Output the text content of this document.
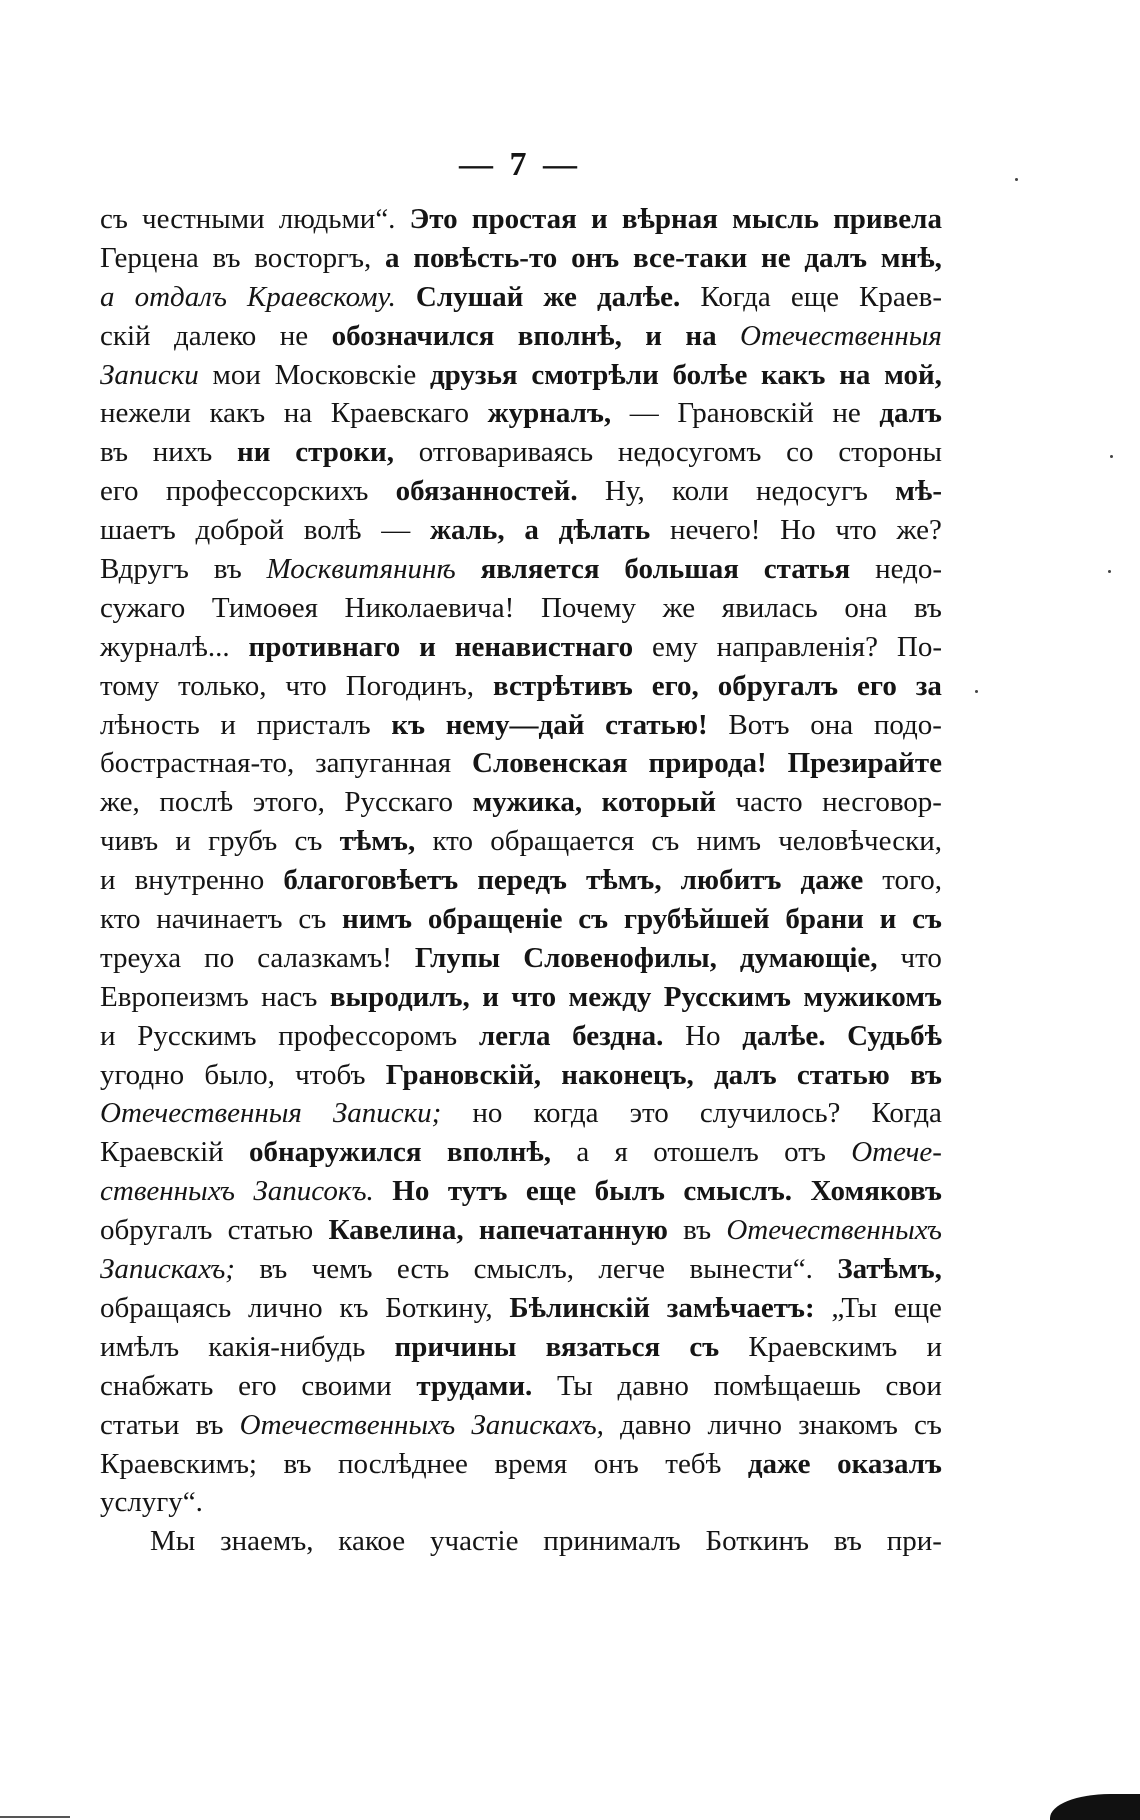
— 7 —
съ честными людьми“. Это простая и вѣрная мысль привела
Герцена въ восторгъ, а повѣсть-то онъ все-таки не далъ мнѣ,
а отдалъ Краевскому. Слушай же далѣе. Когда еще Краев-
скій далеко не обозначился вполнѣ, и на Отечественныя
Записки мои Московскіе друзья смотрѣли болѣе какъ на мой,
нежели какъ на Краевскаго журналъ, — Грановскій не далъ
въ нихъ ни строки, отговариваясь недосугомъ со стороны
его профессорскихъ обязанностей. Ну, коли недосугъ мѣ-
шаетъ доброй волѣ — жаль, а дѣлать нечего! Но что же?
Вдругъ въ Москвитянинѣ является большая статья недо-
сужаго Тимоѳея Николаевича! Почему же явилась она въ
журналѣ... противнаго и ненавистнаго ему направленія? По-
тому только, что Погодинъ, встрѣтивъ его, обругалъ его за
лѣность и присталъ къ нему—дай статью! Вотъ она подо-
бострастная-то, запуганная Словенская природа! Презирайте
же, послѣ этого, Русскаго мужика, который часто несговор-
чивъ и грубъ съ тѣмъ, кто обращается съ нимъ человѣчески,
и внутренно благоговѣетъ передъ тѣмъ, любитъ даже того,
кто начинаетъ съ нимъ обращеніе съ грубѣйшей брани и съ
треуха по салазкамъ! Глупы Словенофилы, думающіе, что
Европеизмъ насъ выродилъ, и что между Русскимъ мужикомъ
и Русскимъ профессоромъ легла бездна. Но далѣе. Судьбѣ
угодно было, чтобъ Грановскій, наконецъ, далъ статью въ
Отечественныя Записки; но когда это случилось? Когда
Краевскій обнаружился вполнѣ, а я отошелъ отъ Отече-
ственныхъ Записокъ. Но тутъ еще былъ смыслъ. Хомяковъ
обругалъ статью Кавелина, напечатанную въ Отечественныхъ
Запискахъ; въ чемъ есть смыслъ, легче вынести“. Затѣмъ,
обращаясь лично къ Боткину, Бѣлинскій замѣчаетъ: „Ты еще
имѣлъ какія-нибудь причины вязаться съ Краевскимъ и
снабжать его своими трудами. Ты давно помѣщаешь свои
статьи въ Отечественныхъ Запискахъ, давно лично знакомъ съ
Краевскимъ; въ послѣднее время онъ тебѣ даже оказалъ
услугу“.
Мы знаемъ, какое участіе принималъ Боткинъ въ при-
